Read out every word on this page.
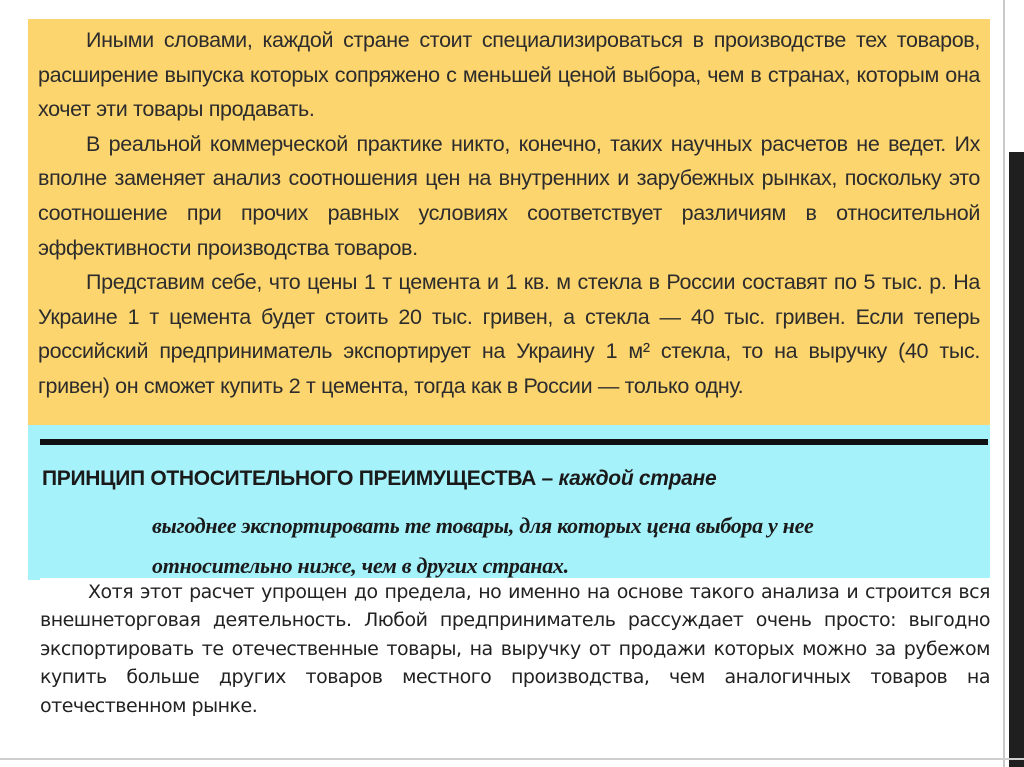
Иными словами, каждой стране стоит специализироваться в производстве тех товаров, расширение выпуска которых сопряжено с меньшей ценой выбора, чем в странах, которым она хочет эти товары продавать.

В реальной коммерческой практике никто, конечно, таких научных расчетов не ведет. Их вполне заменяет анализ соотношения цен на внутренних и зарубежных рынках, поскольку это соотношение при прочих равных условиях соответствует различиям в относительной эффективности производства товаров.

Представим себе, что цены 1 т цемента и 1 кв. м стекла в России составят по 5 тыс. р. На Украине 1 т цемента будет стоить 20 тыс. гривен, а стекла — 40 тыс. гривен. Если теперь российский предприниматель экспортирует на Украину 1 м² стекла, то на выручку (40 тыс. гривен) он сможет купить 2 т цемента, тогда как в России — только одну.

ПРИНЦИП ОТНОСИТЕЛЬНОГО ПРЕИМУЩЕСТВА – каждой стране
выгоднее экспортировать те товары, для которых цена выбора у нее
относительно ниже, чем в других странах.

Хотя этот расчет упрощен до предела, но именно на основе такого анализа и строится вся внешнеторговая деятельность. Любой предприниматель рассуждает очень просто: выгодно экспортировать те отечественные товары, на выручку от продажи которых можно за рубежом купить больше других товаров местного производства, чем аналогичных товаров на отечественном рынке.
